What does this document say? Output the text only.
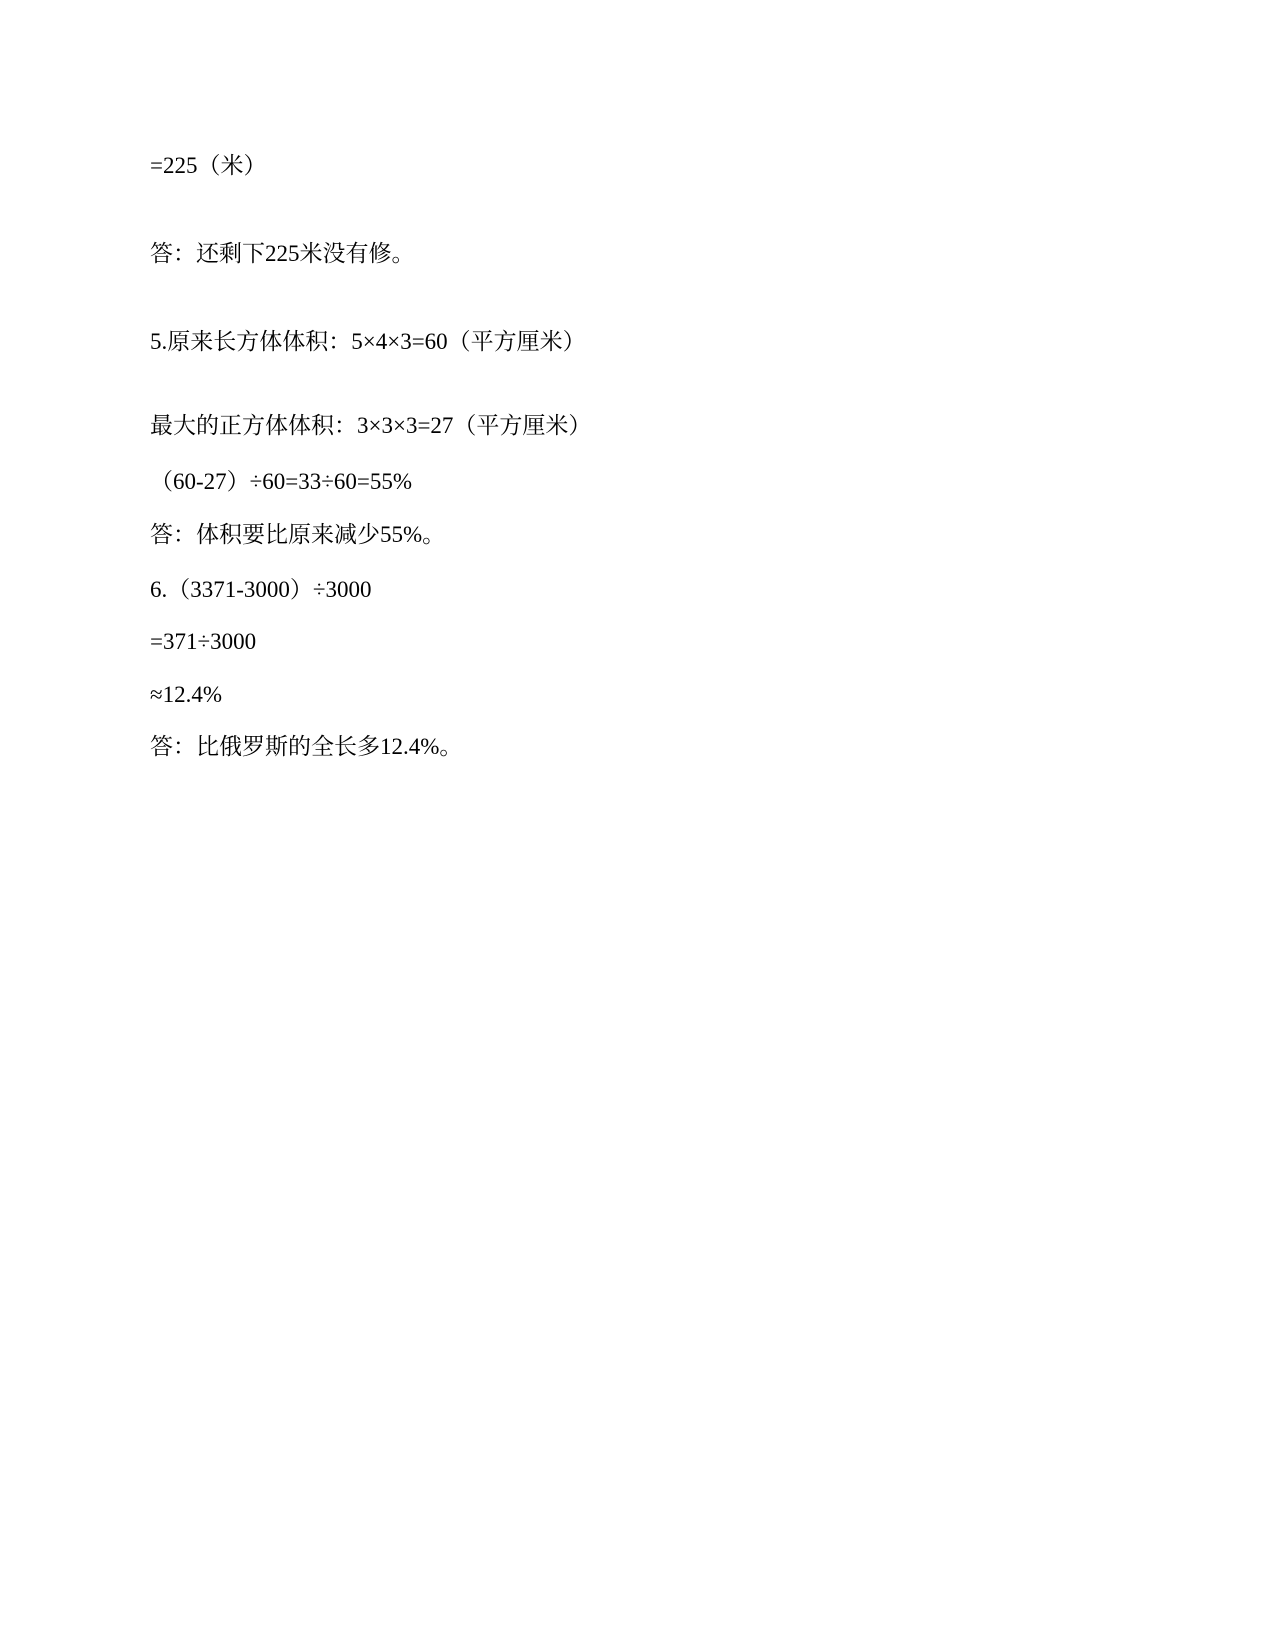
=225（米）
答：还剩下225米没有修。
5.原来长方体体积：5×4×3=60（平方厘米）
最大的正方体体积：3×3×3=27（平方厘米）
（60-27）÷60=33÷60=55%
答：体积要比原来减少55%。
6.（3371-3000）÷3000
=371÷3000
≈12.4%
答：比俄罗斯的全长多12.4%。
